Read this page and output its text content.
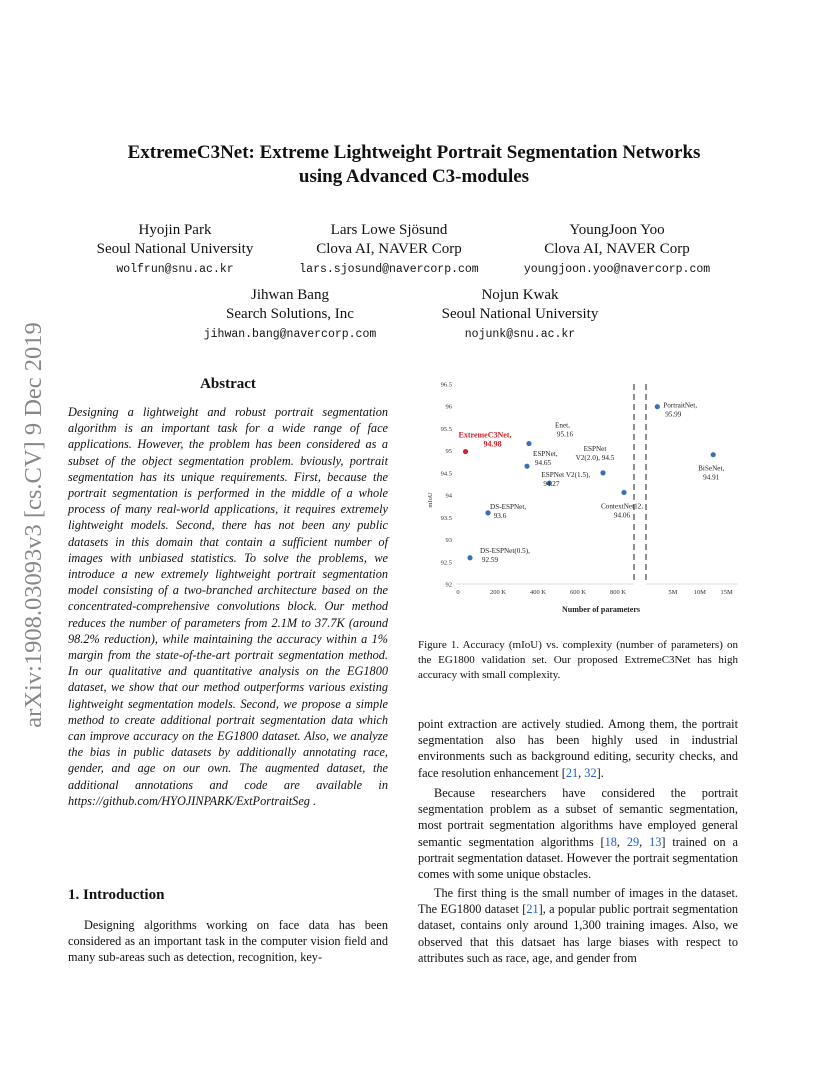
arXiv:1908.03093v3 [cs.CV] 9 Dec 2019
ExtremeC3Net: Extreme Lightweight Portrait Segmentation Networks
using Advanced C3-modules
Hyojin Park
Seoul National University
wolfrun@snu.ac.kr
Lars Lowe Sjösund
Clova AI, NAVER Corp
lars.sjosund@navercorp.com
YoungJoon Yoo
Clova AI, NAVER Corp
youngjoon.yoo@navercorp.com
Jihwan Bang
Search Solutions, Inc
jihwan.bang@navercorp.com
Nojun Kwak
Seoul National University
nojunk@snu.ac.kr
Abstract
Designing a lightweight and robust portrait segmentation algorithm is an important task for a wide range of face applications. However, the problem has been considered as a subset of the object segmentation problem. bviously, portrait segmentation has its unique requirements. First, because the portrait segmentation is performed in the middle of a whole process of many real-world applications, it requires extremely lightweight models. Second, there has not been any public datasets in this domain that contain a sufficient number of images with unbiased statistics. To solve the problems, we introduce a new extremely lightweight portrait segmentation model consisting of a two-branched architecture based on the concentrated-comprehensive convolutions block. Our method reduces the number of parameters from 2.1M to 37.7K (around 98.2% reduction), while maintaining the accuracy within a 1% margin from the state-of-the-art portrait segmentation method. In our qualitative and quantitative analysis on the EG1800 dataset, we show that our method outperforms various existing lightweight segmentation models. Second, we propose a simple method to create additional portrait segmentation data which can improve accuracy on the EG1800 dataset. Also, we analyze the bias in public datasets by additionally annotating race, gender, and age on our own. The augmented dataset, the additional annotations and code are available in https://github.com/HYOJINPARK/ExtPortraitSeg .
1. Introduction
Designing algorithms working on face data has been considered as an important task in the computer vision field and many sub-areas such as detection, recognition, key-
92
92.5
93
93.5
94
94.5
95
95.5
96
96.5
mIoU
0	200 K	400 K	600 K	800 K	5M 10M 15M
Number of parameters
ExtremeC3Net,
94.98
Enet,
95.16
ESPNet,
94.65
ESPNet
V2(2.0), 94.5
ESPNet V2(1.5),
94.27
DS-ESPNet,
93.6
ContextNet12,
94.06
DS-ESPNet(0.5),
92.59
PortraitNet,
95.99
BiSeNet,
94.91
Figure 1. Accuracy (mIoU) vs. complexity (number of parameters) on the EG1800 validation set. Our proposed ExtremeC3Net has high accuracy with small complexity.
point extraction are actively studied. Among them, the portrait segmentation also has been highly used in industrial environments such as background editing, security checks, and face resolution enhancement [21, 32].
Because researchers have considered the portrait segmentation problem as a subset of semantic segmentation, most portrait segmentation algorithms have employed general semantic segmentation algorithms [18, 29, 13] trained on a portrait segmentation dataset. However the portrait segmentation comes with some unique obstacles.
The first thing is the small number of images in the dataset. The EG1800 dataset [21], a popular public portrait segmentation dataset, contains only around 1,300 training images. Also, we observed that this datsaet has large biases with respect to attributes such as race, age, and gender from
